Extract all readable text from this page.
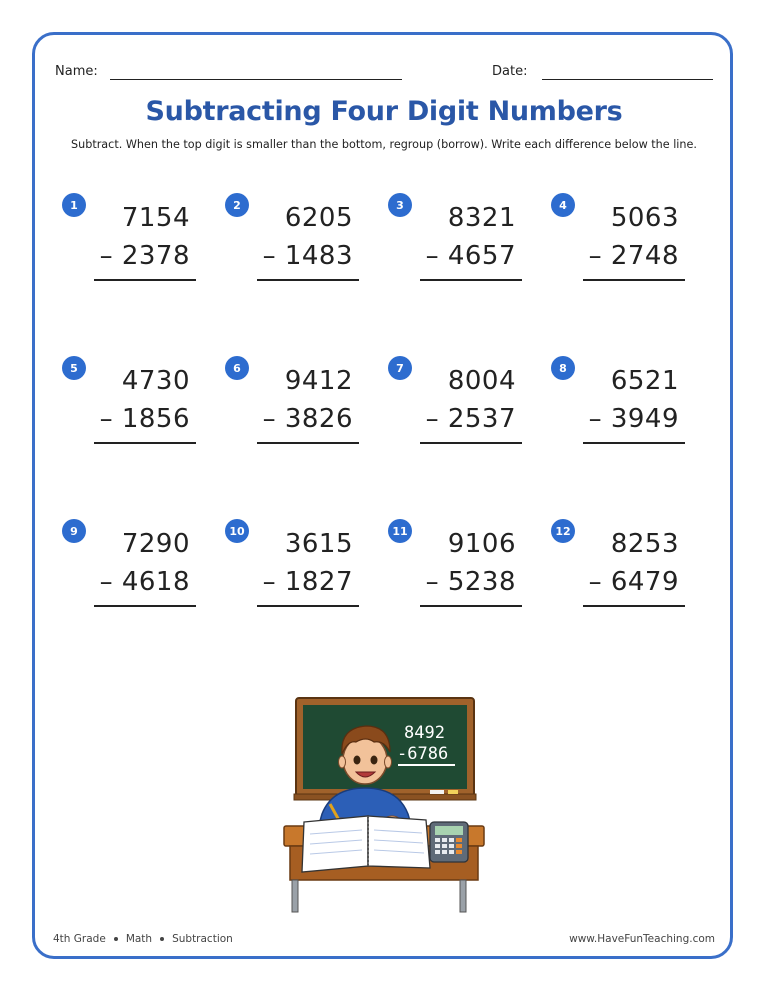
Name:	Date:
Subtracting Four Digit Numbers
Subtract. When the top digit is smaller than the bottom, regroup (borrow). Write each difference below the line.
1	7154
– 2378
2	6205
– 1483
3	8321
– 4657
4	5063
– 2748
5	4730
– 1856
6	9412
– 3826
7	8004
– 2537
8	6521
– 3949
9	7290
– 4618
10 3615
– 1827
11 9106
– 5238
12 8253
– 6479
8492
-6786
4th Grade Math Subtraction	www.HaveFunTeaching.com
